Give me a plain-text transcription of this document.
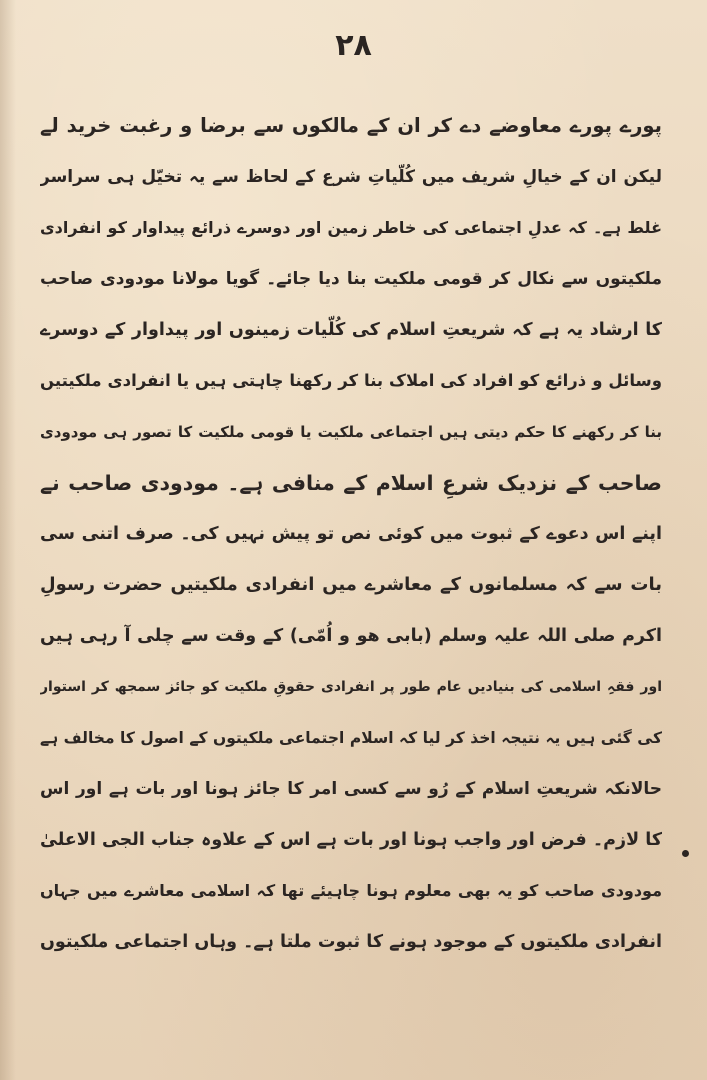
۲۸
پورے پورے معاوضے دے کر ان کے مالکوں سے برضا و رغبت خرید لے
لیکن ان کے خیالِ شریف میں کُلّیاتِ شرع کے لحاظ سے یہ تخیّل ہی سراسر
غلط ہے۔ کہ عدلِ اجتماعی کی خاطر زمین اور دوسرے ذرائع پیداوار کو انفرادی
ملکیتوں سے نکال کر قومی ملکیت بنا دیا جائے۔ گویا مولانا مودودی صاحب
کا ارشاد یہ ہے کہ شریعتِ اسلام کی کُلّیات زمینوں اور پیداوار کے دوسرے
وسائل و ذرائع کو افراد کی املاک بنا کر رکھنا چاہتی ہیں یا انفرادی ملکیتیں
بنا کر رکھنے کا حکم دیتی ہیں اجتماعی ملکیت یا قومی ملکیت کا تصور ہی مودودی
صاحب کے نزدیک شرعِ اسلام کے منافی ہے۔ مودودی صاحب نے
اپنے اس دعوے کے ثبوت میں کوئی نص تو پیش نہیں کی۔ صرف اتنی سی
بات سے کہ مسلمانوں کے معاشرے میں انفرادی ملکیتیں حضرت رسولِ
اکرم صلی اللہ علیہ وسلم (بابی ھو و اُمّی) کے وقت سے چلی آ رہی ہیں
اور فقہِ اسلامی کی بنیادیں عام طور پر انفرادی حقوقِ ملکیت کو جائز سمجھ کر استوار
کی گئی ہیں یہ نتیجہ اخذ کر لیا کہ اسلام اجتماعی ملکیتوں کے اصول کا مخالف ہے
حالانکہ شریعتِ اسلام کے رُو سے کسی امر کا جائز ہونا اور بات ہے اور اس
کا لازم۔ فرض اور واجب ہونا اور بات ہے اس کے علاوہ جناب الجی الاعلیٰ
مودودی صاحب کو یہ بھی معلوم ہونا چاہیئے تھا کہ اسلامی معاشرے میں جہاں
انفرادی ملکیتوں کے موجود ہونے کا ثبوت ملتا ہے۔ وہاں اجتماعی ملکیتوں
